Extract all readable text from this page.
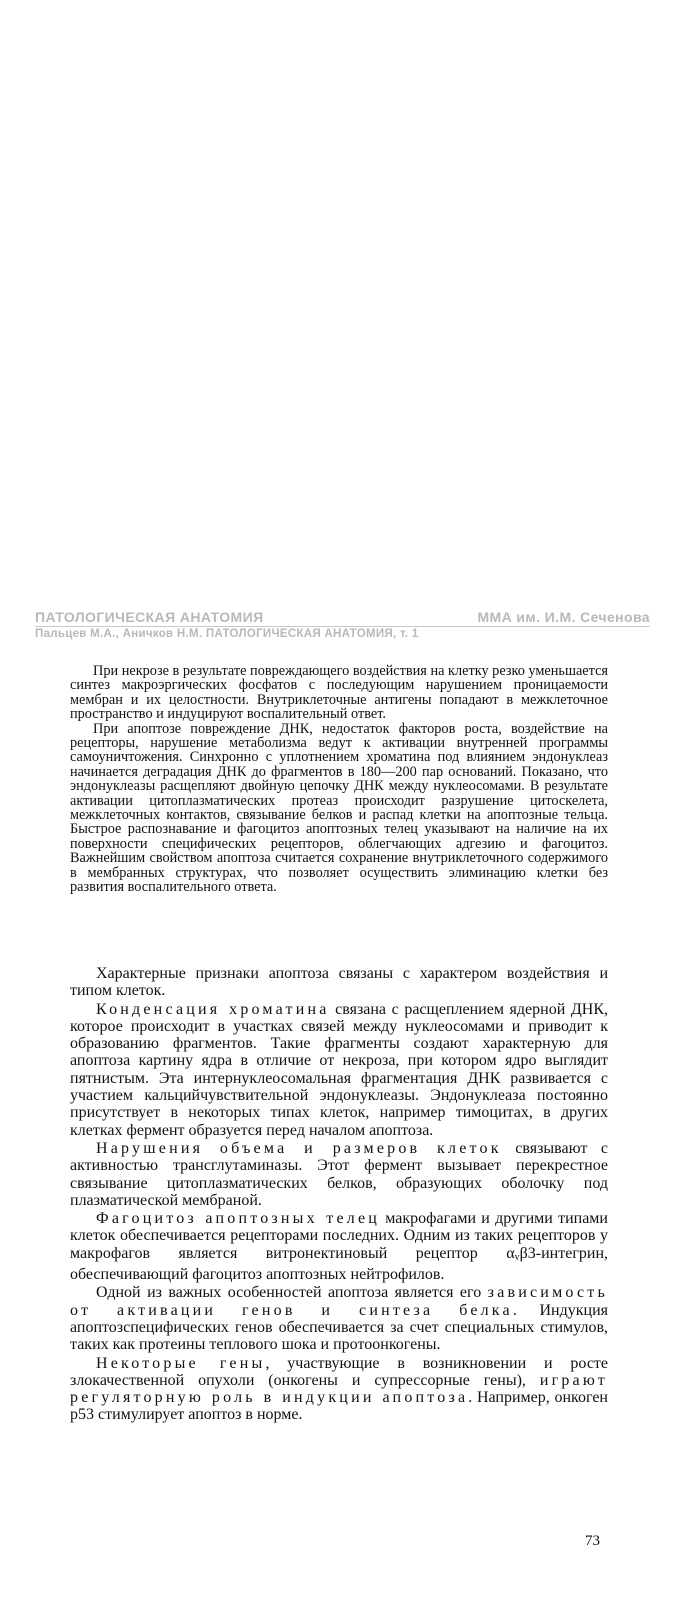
ПАТОЛОГИЧЕСКАЯ АНАТОМИЯ	ММА им. И.М. Сеченова
Пальцев М.А., Аничков Н.М. ПАТОЛОГИЧЕСКАЯ АНАТОМИЯ, т. 1

При некрозе в результате повреждающего воздействия на клетку резко уменьшается синтез макроэргических фосфатов с последующим нарушением проницаемости мембран и их целостности. Внутриклеточные антигены попадают в межклеточное пространство и индуцируют воспалительный ответ.

При апоптозе повреждение ДНК, недостаток факторов роста, воздействие на рецепторы, нарушение метаболизма ведут к активации внутренней программы самоуничтожения. Синхронно с уплотнением хроматина под влиянием эндонуклеаз начинается деградация ДНК до фрагментов в 180—200 пар оснований. Показано, что эндонуклеазы расщепляют двойную цепочку ДНК между нуклеосомами. В результате активации цитоплазматических протеаз происходит разрушение цитоскелета, межклеточных контактов, связывание белков и распад клетки на апоптозные тельца. Быстрое распознавание и фагоцитоз апоптозных телец указывают на наличие на их поверхности специфических рецепторов, облегчающих адгезию и фагоцитоз. Важнейшим свойством апоптоза считается сохранение внутриклеточного содержимого в мембранных структурах, что позволяет осуществить элиминацию клетки без развития воспалительного ответа.

Характерные признаки апоптоза связаны с характером воздействия и типом клеток.

Конденсация хроматина связана с расщеплением ядерной ДНК, которое происходит в участках связей между нуклеосомами и приводит к образованию фрагментов. Такие фрагменты создают характерную для апоптоза картину ядра в отличие от некроза, при котором ядро выглядит пятнистым. Эта интернуклеосомальная фрагментация ДНК развивается с участием кальцийчувствительной эндонуклеазы. Эндонуклеаза постоянно присутствует в некоторых типах клеток, например тимоцитах, в других клетках фермент образуется перед началом апоптоза.

Нарушения объема и размеров клеток связывают с активностью трансглутаминазы. Этот фермент вызывает перекрестное связывание цитоплазматических белков, образующих оболочку под плазматической мембраной.

Фагоцитоз апоптозных телец макрофагами и другими типами клеток обеспечивается рецепторами последних. Одним из таких рецепторов у макрофагов является витронектиновый рецептор $\alpha_v\beta 3$-интегрин, обеспечивающий фагоцитоз апоптозных нейтрофилов.

Одной из важных особенностей апоптоза является его зависимость от активации генов и синтеза белка. Индукция апоптозспецифических генов обеспечивается за счет специальных стимулов, таких как протеины теплового шока и протоонкогены.

Некоторые гены, участвующие в возникновении и росте злокачественной опухоли (онкогены и супрессорные гены), играют регуляторную роль в индукции апоптоза. Например, онкоген p53 стимулирует апоптоз в норме.

73
